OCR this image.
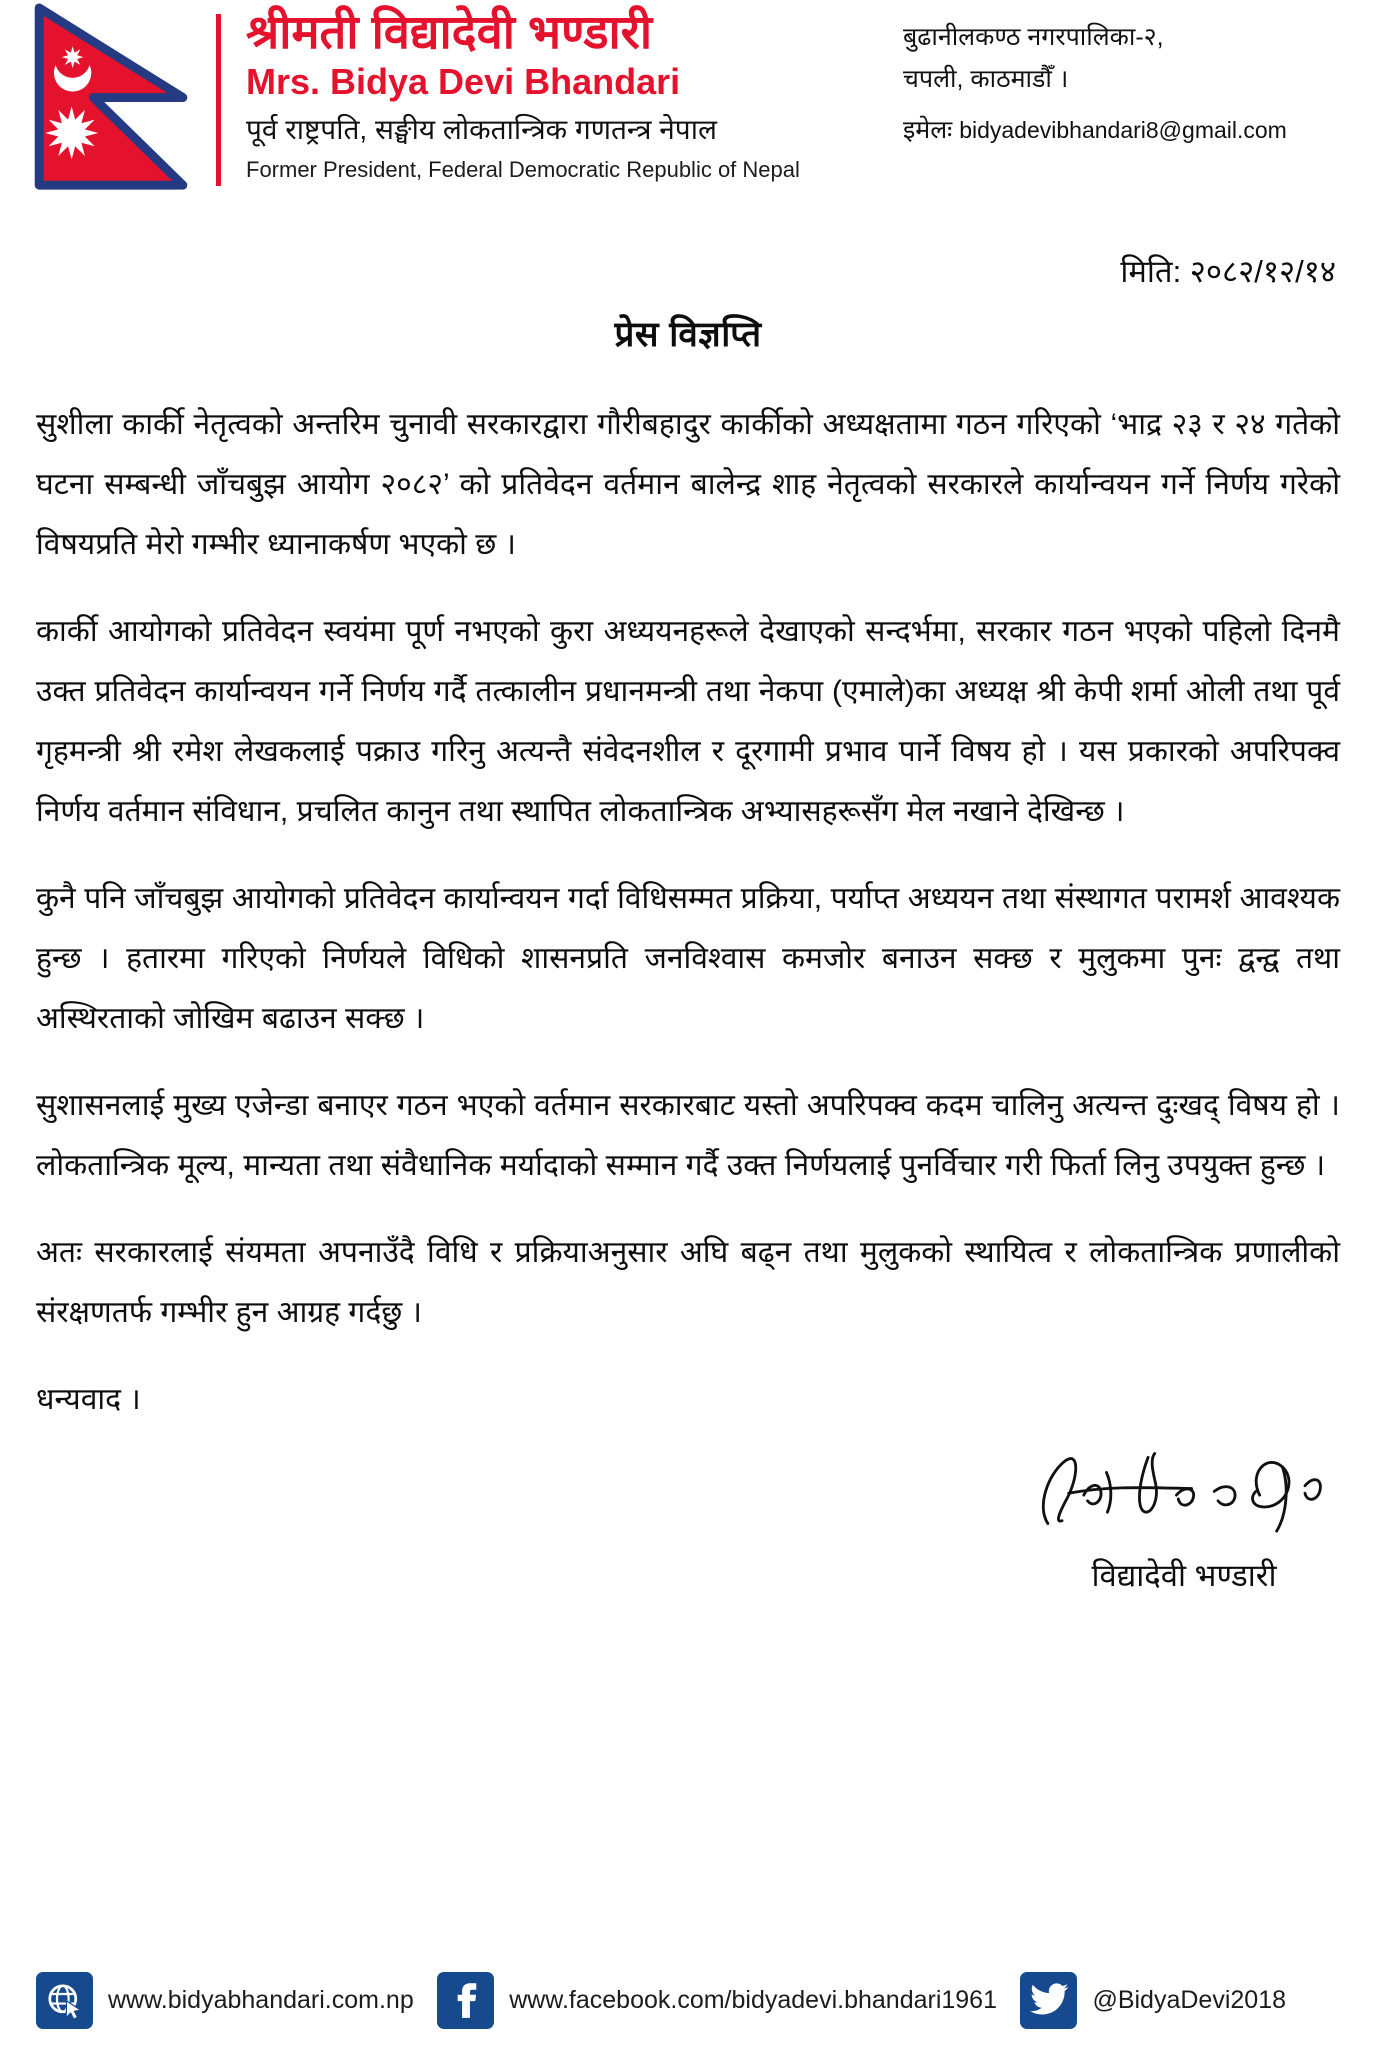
श्रीमती विद्यादेवी भण्डारी
Mrs. Bidya Devi Bhandari
पूर्व राष्ट्रपति, सङ्घीय लोकतान्त्रिक गणतन्त्र नेपाल
Former President, Federal Democratic Republic of Nepal
बुढानीलकण्ठ नगरपालिका-२,
चपली, काठमाडौँ ।
इमेलः bidyadevibhandari8@gmail.com
मिति: २०८२/१२/१४
प्रेस विज्ञप्ति

सुशीला कार्की नेतृत्वको अन्तरिम चुनावी सरकारद्वारा गौरीबहादुर कार्कीको अध्यक्षतामा गठन गरिएको ‘भाद्र २३ र २४ गतेको घटना सम्बन्धी जाँचबुझ आयोग २०८२’ को प्रतिवेदन वर्तमान बालेन्द्र शाह नेतृत्वको सरकारले कार्यान्वयन गर्ने निर्णय गरेको विषयप्रति मेरो गम्भीर ध्यानाकर्षण भएको छ ।

कार्की आयोगको प्रतिवेदन स्वयंमा पूर्ण नभएको कुरा अध्ययनहरूले देखाएको सन्दर्भमा, सरकार गठन भएको पहिलो दिनमै उक्त प्रतिवेदन कार्यान्वयन गर्ने निर्णय गर्दै तत्कालीन प्रधानमन्त्री तथा नेकपा (एमाले)का अध्यक्ष श्री केपी शर्मा ओली तथा पूर्व गृहमन्त्री श्री रमेश लेखकलाई पक्राउ गरिनु अत्यन्तै संवेदनशील र दूरगामी प्रभाव पार्ने विषय हो । यस प्रकारको अपरिपक्व निर्णय वर्तमान संविधान, प्रचलित कानुन तथा स्थापित लोकतान्त्रिक अभ्यासहरूसँग मेल नखाने देखिन्छ ।

कुनै पनि जाँचबुझ आयोगको प्रतिवेदन कार्यान्वयन गर्दा विधिसम्मत प्रक्रिया, पर्याप्त अध्ययन तथा संस्थागत परामर्श आवश्यक हुन्छ । हतारमा गरिएको निर्णयले विधिको शासनप्रति जनविश्वास कमजोर बनाउन सक्छ र मुलुकमा पुनः द्वन्द्व तथा अस्थिरताको जोखिम बढाउन सक्छ ।

सुशासनलाई मुख्य एजेन्डा बनाएर गठन भएको वर्तमान सरकारबाट यस्तो अपरिपक्व कदम चालिनु अत्यन्त दुःखद् विषय हो । लोकतान्त्रिक मूल्य, मान्यता तथा संवैधानिक मर्यादाको सम्मान गर्दै उक्त निर्णयलाई पुनर्विचार गरी फिर्ता लिनु उपयुक्त हुन्छ ।

अतः सरकारलाई संयमता अपनाउँदै विधि र प्रक्रियाअनुसार अघि बढ्न तथा मुलुकको स्थायित्व र लोकतान्त्रिक प्रणालीको संरक्षणतर्फ गम्भीर हुन आग्रह गर्दछु ।

धन्यवाद ।

विद्यादेवी भण्डारी
www.bidyabhandari.com.np	www.facebook.com/bidyadevi.bhandari1961	@BidyaDevi2018
